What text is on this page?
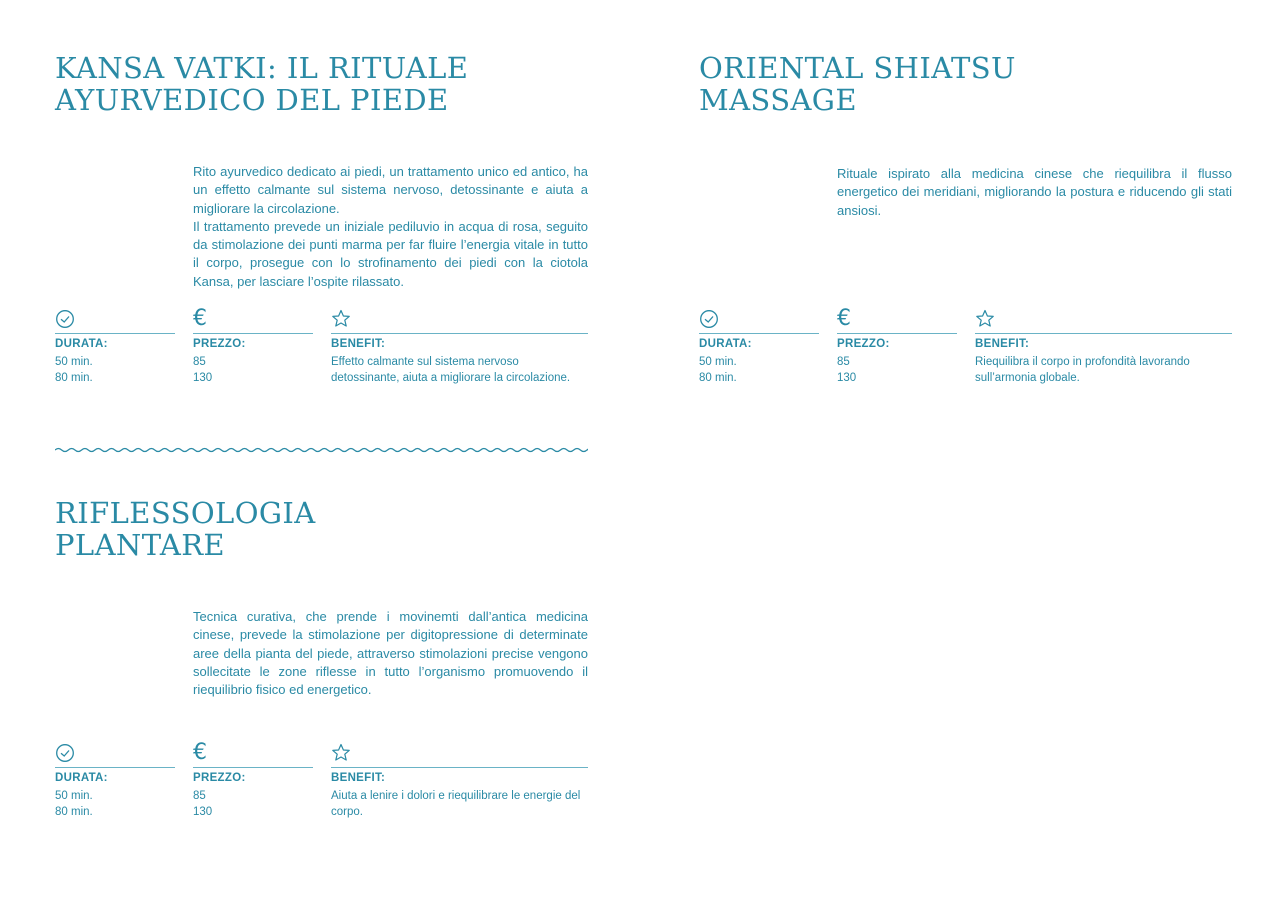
KANSA VATKI: IL RITUALE
AYURVEDICO DEL PIEDE

Rito ayurvedico dedicato ai piedi, un trattamento unico ed antico, ha un effetto calmante sul sistema nervoso, detossinante e aiuta a migliorare la circolazione.

Il trattamento prevede un iniziale pediluvio in acqua di rosa, seguito da stimolazione dei punti marma per far fluire l’energia vitale in tutto il corpo, prosegue con lo strofinamento dei piedi con la ciotola Kansa, per lasciare l’ospite rilassato.

DURATA:
50 min.
80 min.
€
PREZZO:
85
130
BENEFIT:
Effetto calmante sul sistema nervoso detossinante, aiuta a migliorare la circolazione.
ORIENTAL SHIATSU
MASSAGE

Rituale ispirato alla medicina cinese che riequilibra il flusso energetico dei meridiani, migliorando la postura e riducendo gli stati ansiosi.

DURATA:
50 min.
80 min.
€
PREZZO:
85
130
BENEFIT:
Riequilibra il corpo in profondità lavorando sull’armonia globale.
RIFLESSOLOGIA
PLANTARE

Tecnica curativa, che prende i movinemti dall’antica medicina cinese, prevede la stimolazione per digitopressione di determinate aree della pianta del piede, attraverso stimolazioni precise vengono sollecitate le zone riflesse in tutto l’organismo promuovendo il riequilibrio fisico ed energetico.

DURATA:
50 min.
80 min.
€
PREZZO:
85
130
BENEFIT:
Aiuta a lenire i dolori e riequilibrare le energie del corpo.
